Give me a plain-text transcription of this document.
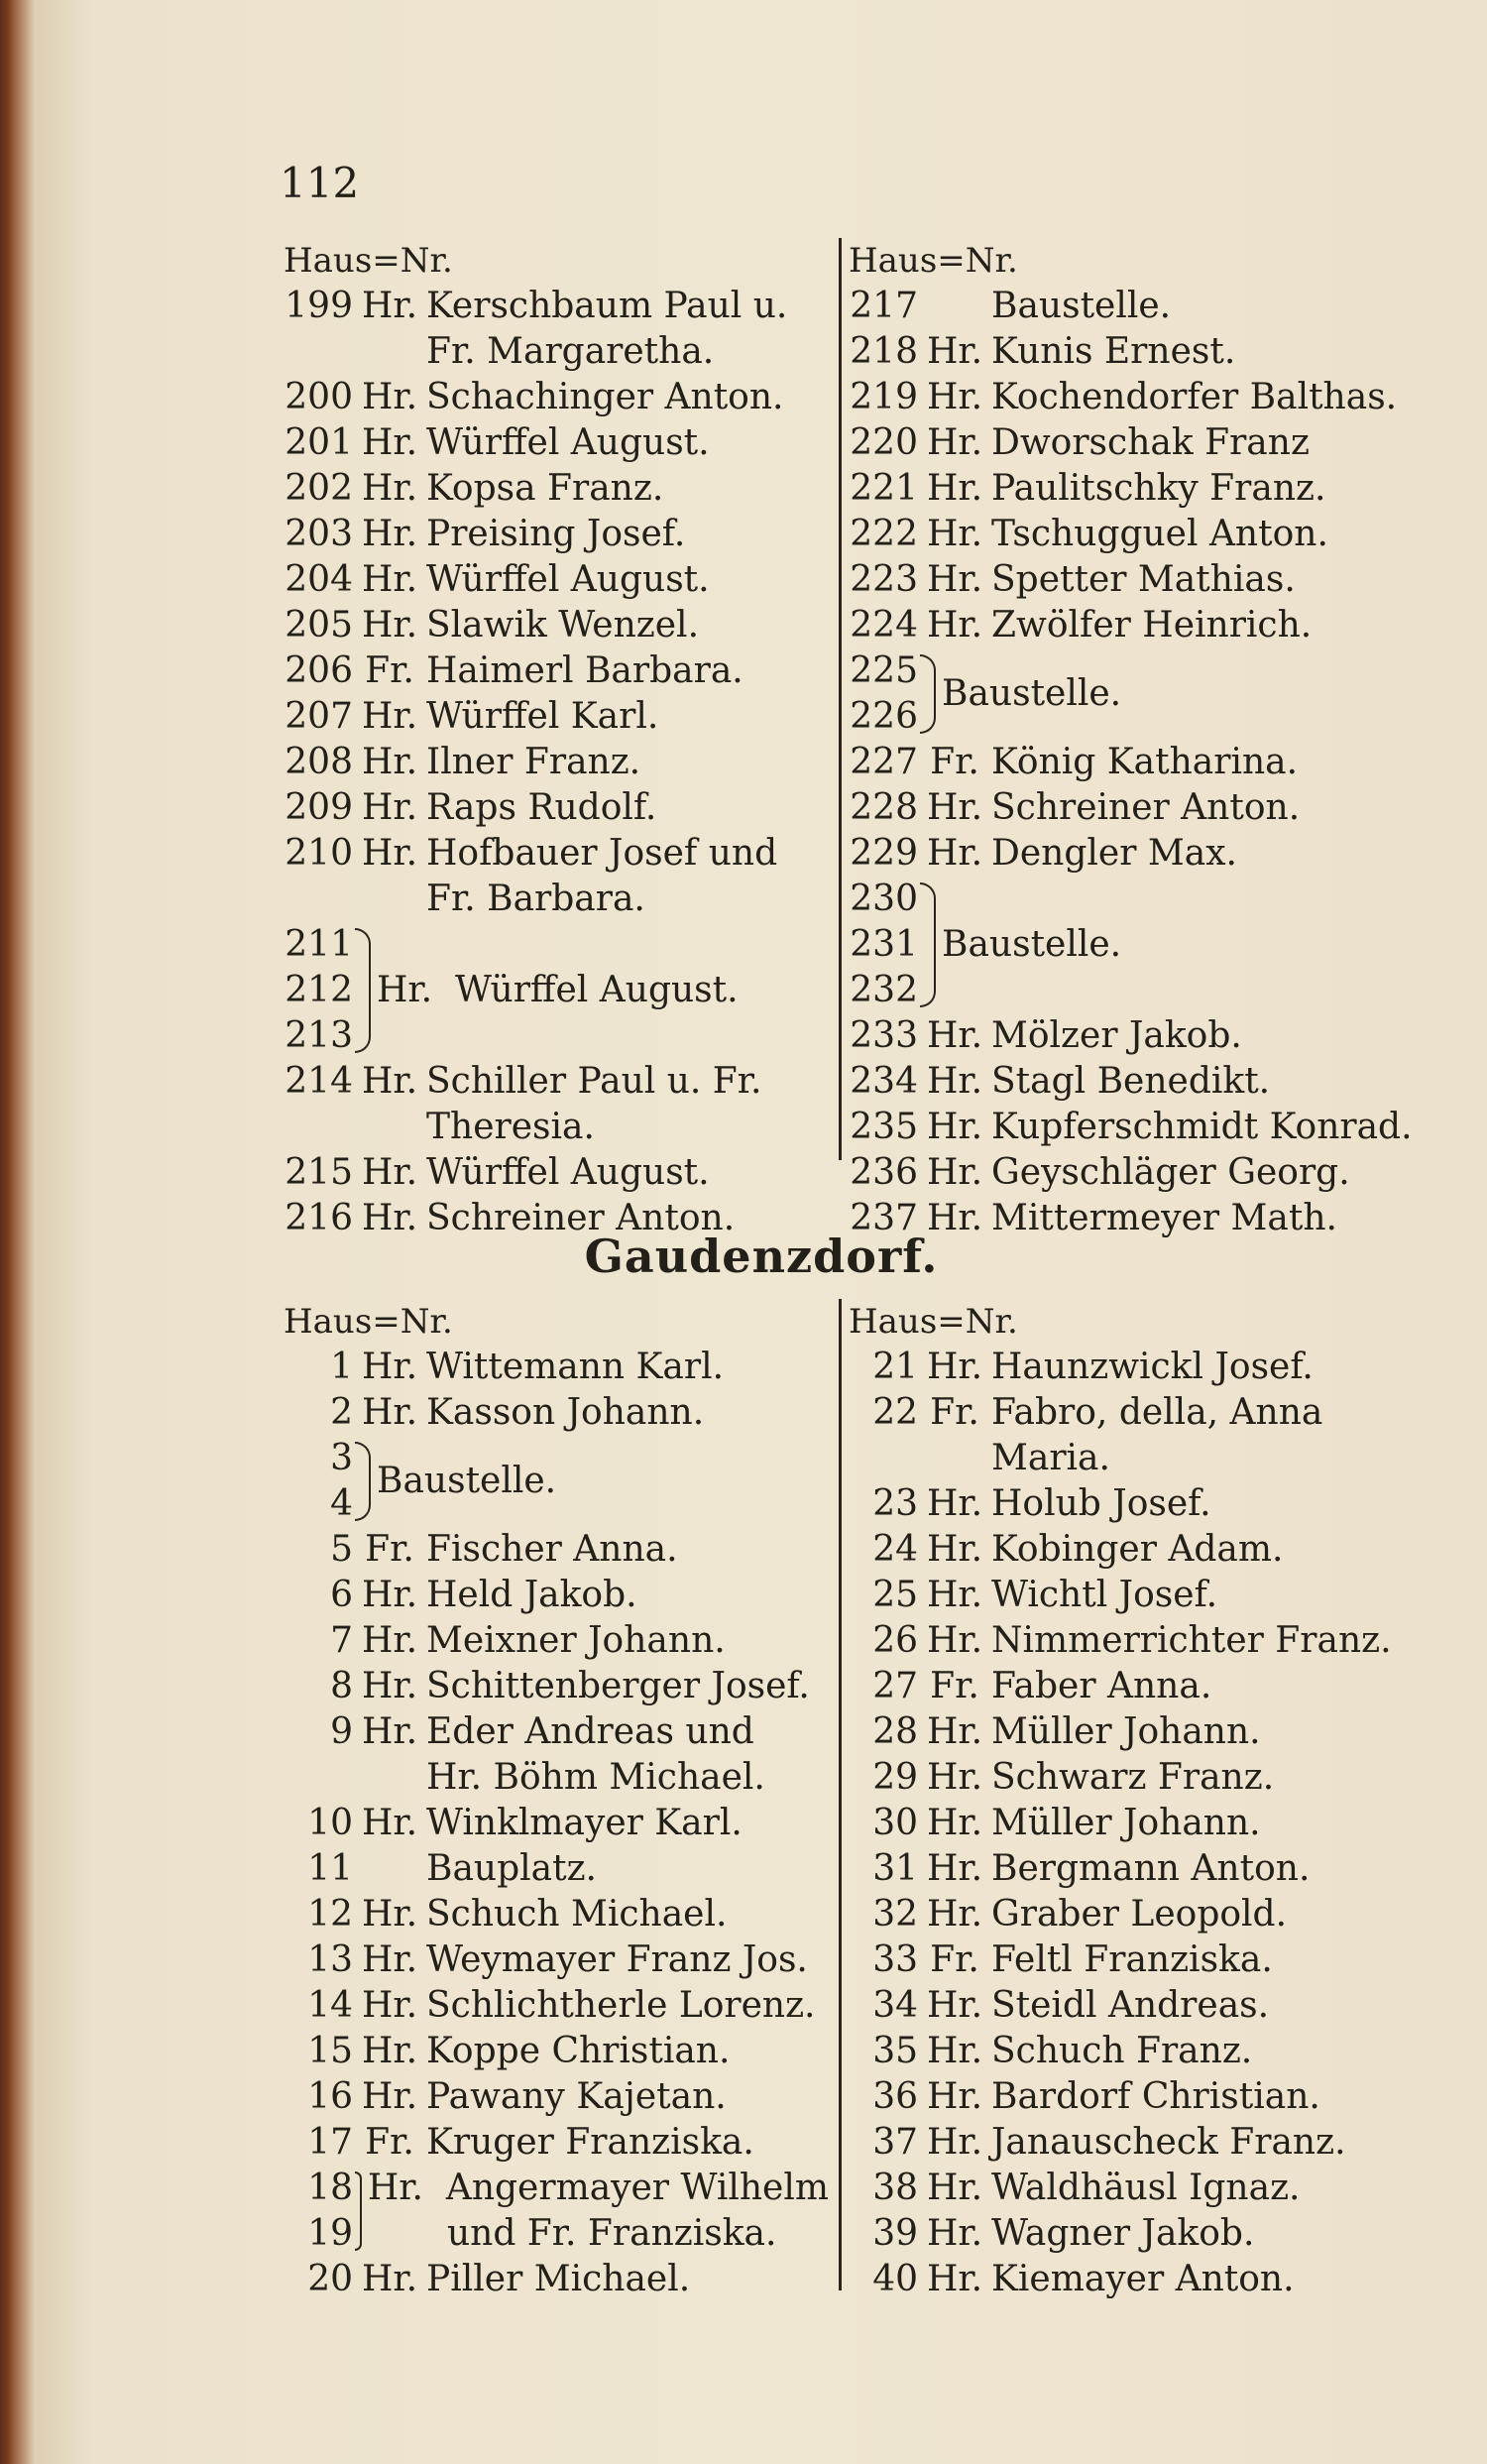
112
Haus=Nr.
199 Hr. Kerschbaum Paul u.
Fr. Margaretha.
200 Hr. Schachinger Anton.
201 Hr. Würffel August.
202 Hr. Kopsa Franz.
203 Hr. Preising Josef.
204 Hr. Würffel August.
205 Hr. Slawik Wenzel.
206 Fr. Haimerl Barbara.
207 Hr. Würffel Karl.
208 Hr. Ilner Franz.
209 Hr. Raps Rudolf.
210 Hr. Hofbauer Josef und
Fr. Barbara.
211
212
213
Hr.  Würffel August.
214 Hr. Schiller Paul u. Fr.
Theresia.
215 Hr. Würffel August.
216 Hr. Schreiner Anton.
Haus=Nr.
217 Baustelle.
218 Hr. Kunis Ernest.
219 Hr. Kochendorfer Balthas.
220 Hr. Dworschak Franz
221 Hr. Paulitschky Franz.
222 Hr. Tschugguel Anton.
223 Hr. Spetter Mathias.
224 Hr. Zwölfer Heinrich.
225
226
Baustelle.
227 Fr. König Katharina.
228 Hr. Schreiner Anton.
229 Hr. Dengler Max.
230
231
232
Baustelle.
233 Hr. Mölzer Jakob.
234 Hr. Stagl Benedikt.
235 Hr. Kupferschmidt Konrad.
236 Hr. Geyschläger Georg.
237 Hr. Mittermeyer Math.
Gaudenzdorf.
Haus=Nr.
1 Hr. Wittemann Karl.
2 Hr. Kasson Johann.
3
4
Baustelle.
5 Fr. Fischer Anna.
6 Hr. Held Jakob.
7 Hr. Meixner Johann.
8 Hr. Schittenberger Josef.
9 Hr. Eder Andreas und
Hr. Böhm Michael.
10 Hr. Winklmayer Karl.
11 Bauplatz.
12 Hr. Schuch Michael.
13 Hr. Weymayer Franz Jos.
14 Hr. Schlichtherle Lorenz.
15 Hr. Koppe Christian.
16 Hr. Pawany Kajetan.
17 Fr. Kruger Franziska.
18
19
Hr.  Angermayer Wilhelm
und Fr. Franziska.
20 Hr. Piller Michael.
Haus=Nr.
21 Hr. Haunzwickl Josef.
22 Fr. Fabro, della, Anna
Maria.
23 Hr. Holub Josef.
24 Hr. Kobinger Adam.
25 Hr. Wichtl Josef.
26 Hr. Nimmerrichter Franz.
27 Fr. Faber Anna.
28 Hr. Müller Johann.
29 Hr. Schwarz Franz.
30 Hr. Müller Johann.
31 Hr. Bergmann Anton.
32 Hr. Graber Leopold.
33 Fr. Feltl Franziska.
34 Hr. Steidl Andreas.
35 Hr. Schuch Franz.
36 Hr. Bardorf Christian.
37 Hr. Janauscheck Franz.
38 Hr. Waldhäusl Ignaz.
39 Hr. Wagner Jakob.
40 Hr. Kiemayer Anton.
